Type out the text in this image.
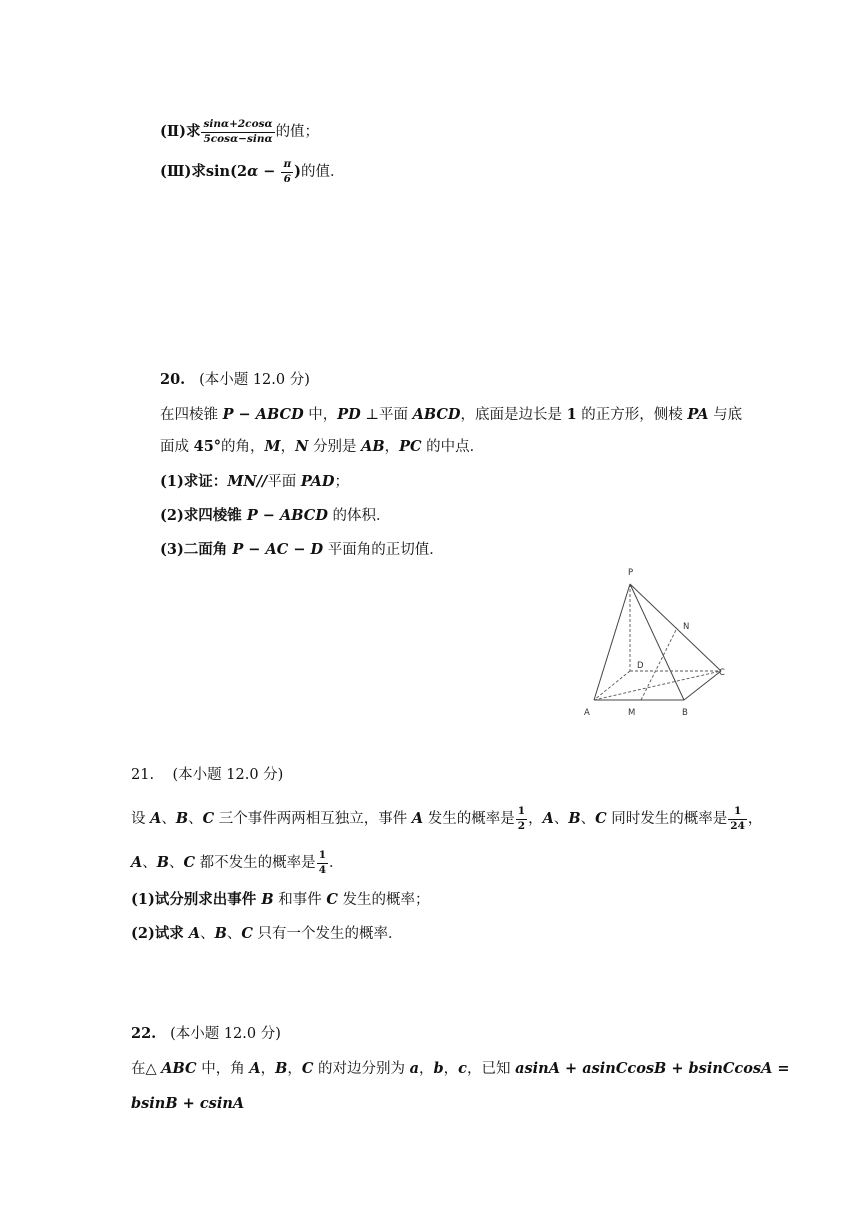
(Ⅱ)求 $\frac{\sin\alpha+2\cos\alpha}{5\cos\alpha-\sin\alpha}$ 的值；
(Ⅲ)求$\sin(2\alpha - \frac{\pi}{6}$ )的值．
20. (本小题 12.0 分)
在四棱锥 P − ABCD 中，PD ⊥平面 ABCD，底面是边长是 1 的正方形，侧棱 PA 与底
面成 45°的角，M，N 分别是 AB，PC 的中点．
(1)求证：MN//平面 PAD；
(2)求四棱锥 P − ABCD 的体积．
(3)二面角 P − AC − D 平面角的正切值．
P
N
D
C
A	M	B
21. (本小题 12.0 分)
设 A、B、C 三个事件两两相互独立，事件 A 发生的概率是 $\frac{1}{2}$ ，A、B、C 同时发生的概率是 $\frac{1}{24}$ ，
A、B、C 都不发生的概率是 $\frac{1}{4}$ ．
(1)试分别求出事件 B 和事件 C 发生的概率；
(2)试求 A、B、C 只有一个发生的概率．
22. (本小题 12.0 分)
在△ ABC 中，角 A，B，C 的对边分别为 a，b，c，已知 asinA + asinCcosB + bsinCcosA =
bsinB + csinA
